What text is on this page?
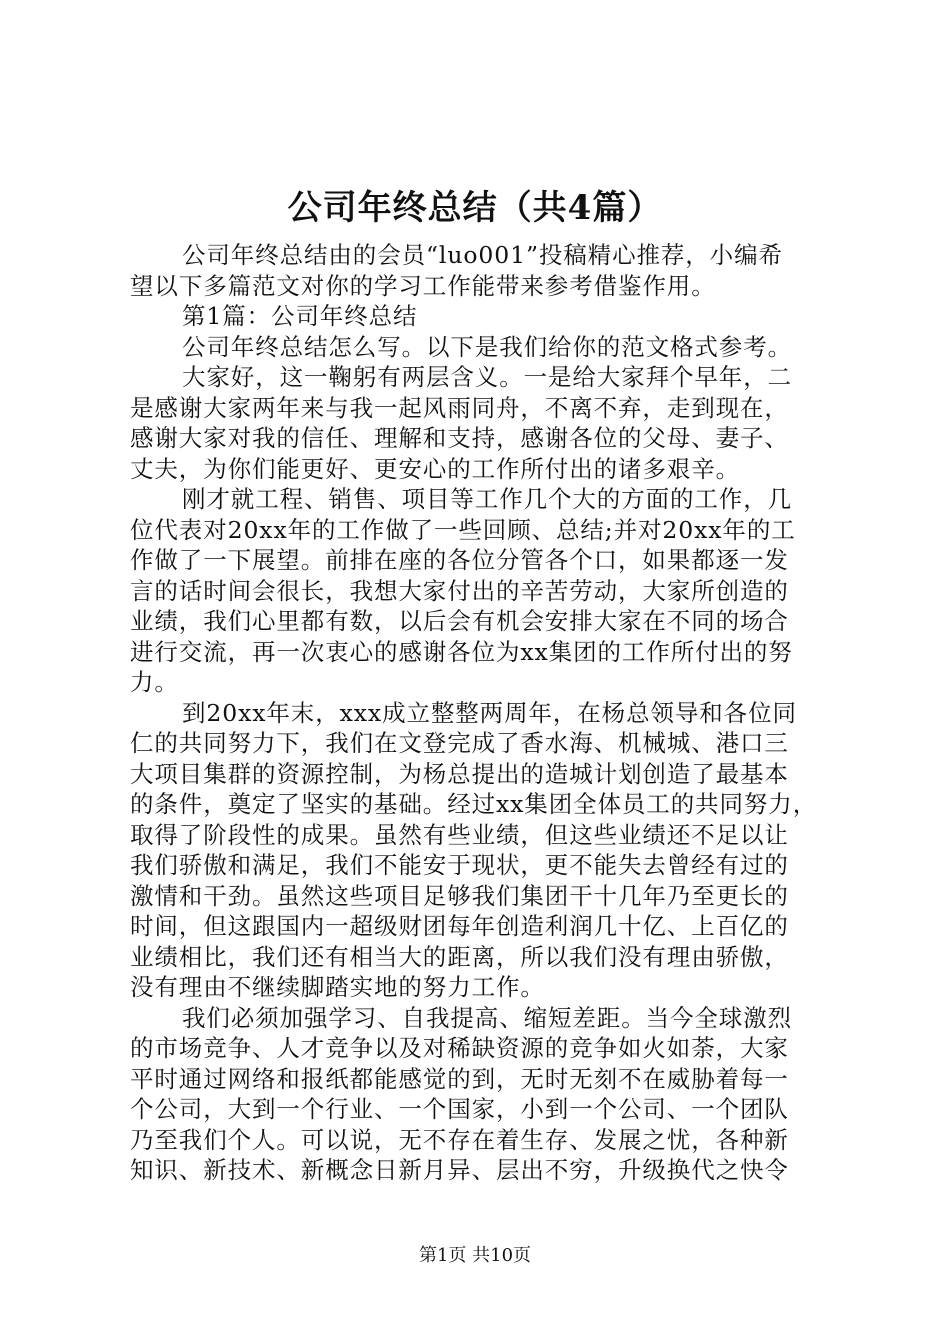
公司年终总结（共4篇）
公司年终总结由的会员“luo001”投稿精心推荐，小编希
望以下多篇范文对你的学习工作能带来参考借鉴作用。
第1篇：公司年终总结
公司年终总结怎么写。以下是我们给你的范文格式参考。
大家好，这一鞠躬有两层含义。一是给大家拜个早年，二
是感谢大家两年来与我一起风雨同舟，不离不弃，走到现在，
感谢大家对我的信任、理解和支持，感谢各位的父母、妻子、
丈夫，为你们能更好、更安心的工作所付出的诸多艰辛。
刚才就工程、销售、项目等工作几个大的方面的工作，几
位代表对20xx年的工作做了一些回顾、总结;并对20xx年的工
作做了一下展望。前排在座的各位分管各个口，如果都逐一发
言的话时间会很长，我想大家付出的辛苦劳动，大家所创造的
业绩，我们心里都有数，以后会有机会安排大家在不同的场合
进行交流，再一次衷心的感谢各位为xx集团的工作所付出的努
力。
到20xx年末，xxx成立整整两周年，在杨总领导和各位同
仁的共同努力下，我们在文登完成了香水海、机械城、港口三
大项目集群的资源控制，为杨总提出的造城计划创造了最基本
的条件，奠定了坚实的基础。经过xx集团全体员工的共同努力，
取得了阶段性的成果。虽然有些业绩，但这些业绩还不足以让
我们骄傲和满足，我们不能安于现状，更不能失去曾经有过的
激情和干劲。虽然这些项目足够我们集团干十几年乃至更长的
时间，但这跟国内一超级财团每年创造利润几十亿、上百亿的
业绩相比，我们还有相当大的距离，所以我们没有理由骄傲，
没有理由不继续脚踏实地的努力工作。
我们必须加强学习、自我提高、缩短差距。当今全球激烈
的市场竞争、人才竞争以及对稀缺资源的竞争如火如荼，大家
平时通过网络和报纸都能感觉的到，无时无刻不在威胁着每一
个公司，大到一个行业、一个国家，小到一个公司、一个团队
乃至我们个人。可以说，无不存在着生存、发展之忧，各种新
知识、新技术、新概念日新月异、层出不穷，升级换代之快令
第1页 共10页
